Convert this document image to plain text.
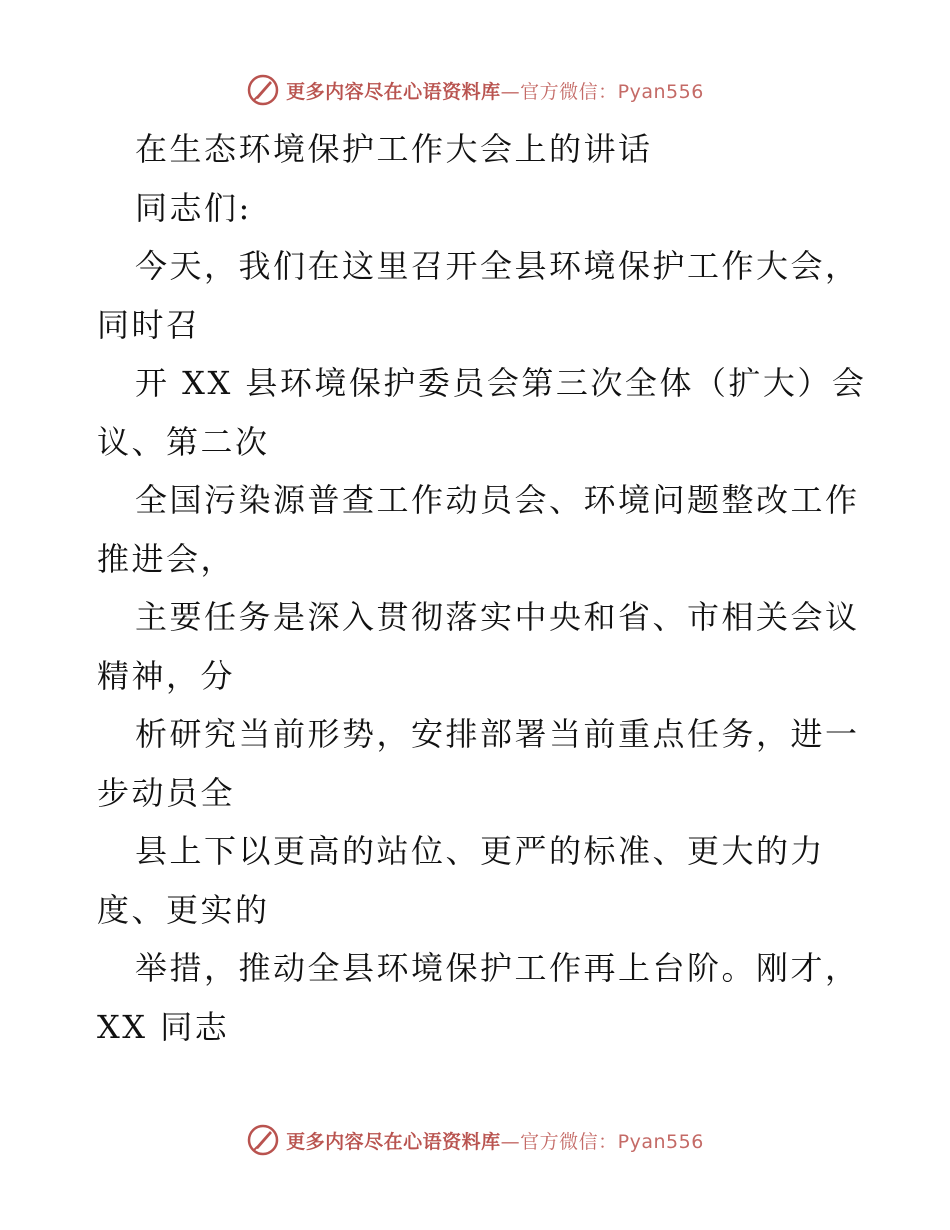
更多内容尽在心语资料库—官方微信：Pyan556
在生态环境保护工作大会上的讲话
同志们:
今天，我们在这里召开全县环境保护工作大会，
同时召
开 XX 县环境保护委员会第三次全体（扩大）会
议、第二次
全国污染源普查工作动员会、环境问题整改工作
推进会，
主要任务是深入贯彻落实中央和省、市相关会议
精神，分
析研究当前形势，安排部署当前重点任务，进一
步动员全
县上下以更高的站位、更严的标准、更大的力
度、更实的
举措，推动全县环境保护工作再上台阶。刚才，
XX 同志
更多内容尽在心语资料库—官方微信：Pyan556
